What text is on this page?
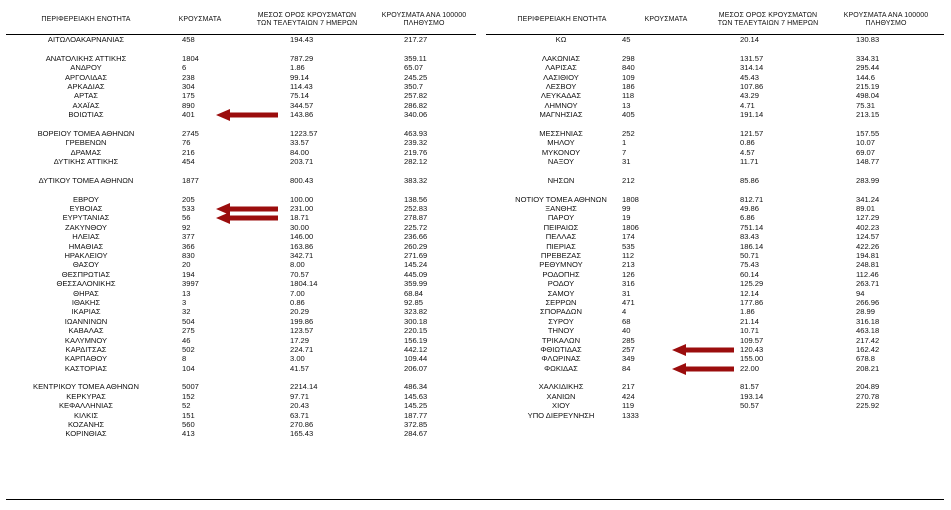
ΠΕΡΙΦΕΡΕΙΑΚΗ ΕΝΟΤΗΤΑ	ΚΡΟΥΣΜΑΤΑ
ΜΕΣΟΣ ΟΡΟΣ ΚΡΟΥΣΜΑΤΩΝ
ΤΩΝ ΤΕΛΕΥΤΑΙΩΝ 7 ΗΜΕΡΩΝ
ΚΡΟΥΣΜΑΤΑ ΑΝΑ 100000
ΠΛΗΘΥΣΜΟ
ΑΙΤΩΛΟΑΚΑΡΝΑΝΙΑΣ	458	194.43	217.27
ΑΝΑΤΟΛΙΚΗΣ ΑΤΤΙΚΗΣ	1804	787.29	359.11
ΑΝΔΡΟΥ	6	1.86	65.07
ΑΡΓΟΛΙΔΑΣ	238	99.14	245.25
ΑΡΚΑΔΙΑΣ	304	114.43	350.7
ΑΡΤΑΣ	175	75.14	257.82
ΑΧΑΪΑΣ	890	344.57	286.82
ΒΟΙΩΤΙΑΣ	401	143.86	340.06
ΒΟΡΕΙΟΥ ΤΟΜΕΑ ΑΘΗΝΩΝ	2745	1223.57	463.93
ΓΡΕΒΕΝΩΝ	76	33.57	239.32
ΔΡΑΜΑΣ	216	84.00	219.76
ΔΥΤΙΚΗΣ ΑΤΤΙΚΗΣ	454	203.71	282.12
ΔΥΤΙΚΟΥ ΤΟΜΕΑ ΑΘΗΝΩΝ	1877	800.43	383.32
ΕΒΡΟΥ	205	100.00	138.56
ΕΥΒΟΙΑΣ	533	231.00	252.83
ΕΥΡΥΤΑΝΙΑΣ	56	18.71	278.87
ΖΑΚΥΝΘΟΥ	92	30.00	225.72
ΗΛΕΙΑΣ	377	146.00	236.66
ΗΜΑΘΙΑΣ	366	163.86	260.29
ΗΡΑΚΛΕΙΟΥ	830	342.71	271.69
ΘΑΣΟΥ	20	8.00	145.24
ΘΕΣΠΡΩΤΙΑΣ	194	70.57	445.09
ΘΕΣΣΑΛΟΝΙΚΗΣ	3997	1804.14	359.99
ΘΗΡΑΣ	13	7.00	68.84
ΙΘΑΚΗΣ	3	0.86	92.85
ΙΚΑΡΙΑΣ	32	20.29	323.82
ΙΩΑΝΝΙΝΩΝ	504	199.86	300.18
ΚΑΒΑΛΑΣ	275	123.57	220.15
ΚΑΛΥΜΝΟΥ	46	17.29	156.19
ΚΑΡΔΙΤΣΑΣ	502	224.71	442.12
ΚΑΡΠΑΘΟΥ	8	3.00	109.44
ΚΑΣΤΟΡΙΑΣ	104	41.57	206.07
ΚΕΝΤΡΙΚΟΥ ΤΟΜΕΑ ΑΘΗΝΩΝ	5007	2214.14	486.34
ΚΕΡΚΥΡΑΣ	152	97.71	145.63
ΚΕΦΑΛΛΗΝΙΑΣ	52	20.43	145.25
ΚΙΛΚΙΣ	151	63.71	187.77
ΚΟΖΑΝΗΣ	560	270.86	372.85
ΚΟΡΙΝΘΙΑΣ	413	165.43	284.67
ΠΕΡΙΦΕΡΕΙΑΚΗ ΕΝΟΤΗΤΑ	ΚΡΟΥΣΜΑΤΑ
ΜΕΣΟΣ ΟΡΟΣ ΚΡΟΥΣΜΑΤΩΝ
ΤΩΝ ΤΕΛΕΥΤΑΙΩΝ 7 ΗΜΕΡΩΝ
ΚΡΟΥΣΜΑΤΑ ΑΝΑ 100000
ΠΛΗΘΥΣΜΟ
ΚΩ	45	20.14	130.83
ΛΑΚΩΝΙΑΣ	298	131.57	334.31
ΛΑΡΙΣΑΣ	840	314.14	295.44
ΛΑΣΙΘΙΟΥ	109	45.43	144.6
ΛΕΣΒΟΥ	186	107.86	215.19
ΛΕΥΚΑΔΑΣ	118	43.29	498.04
ΛΗΜΝΟΥ	13	4.71	75.31
ΜΑΓΝΗΣΙΑΣ	405	191.14	213.15
ΜΕΣΣΗΝΙΑΣ	252	121.57	157.55
ΜΗΛΟΥ	1	0.86	10.07
ΜΥΚΟΝΟΥ	7	4.57	69.07
ΝΑΞΟΥ	31	11.71	148.77
ΝΗΣΩΝ	212	85.86	283.99
ΝΟΤΙΟΥ ΤΟΜΕΑ ΑΘΗΝΩΝ	1808	812.71	341.24
ΞΑΝΘΗΣ	99	49.86	89.01
ΠΑΡΟΥ	19	6.86	127.29
ΠΕΙΡΑΙΩΣ	1806	751.14	402.23
ΠΕΛΛΑΣ	174	83.43	124.57
ΠΙΕΡΙΑΣ	535	186.14	422.26
ΠΡΕΒΕΖΑΣ	112	50.71	194.81
ΡΕΘΥΜΝΟΥ	213	75.43	248.81
ΡΟΔΟΠΗΣ	126	60.14	112.46
ΡΟΔΟΥ	316	125.29	263.71
ΣΑΜΟΥ	31	12.14	94
ΣΕΡΡΩΝ	471	177.86	266.96
ΣΠΟΡΑΔΩΝ	4	1.86	28.99
ΣΥΡΟΥ	68	21.14	316.18
ΤΗΝΟΥ	40	10.71	463.18
ΤΡΙΚΑΛΩΝ	285	109.57	217.42
ΦΘΙΩΤΙΔΑΣ	257	120.43	162.42
ΦΛΩΡΙΝΑΣ	349	155.00	678.8
ΦΩΚΙΔΑΣ	84	22.00	208.21
ΧΑΛΚΙΔΙΚΗΣ	217	81.57	204.89
ΧΑΝΙΩΝ	424	193.14	270.78
ΧΙΟΥ	119	50.57	225.92
ΥΠΟ ΔΙΕΡΕΥΝΗΣΗ	1333
